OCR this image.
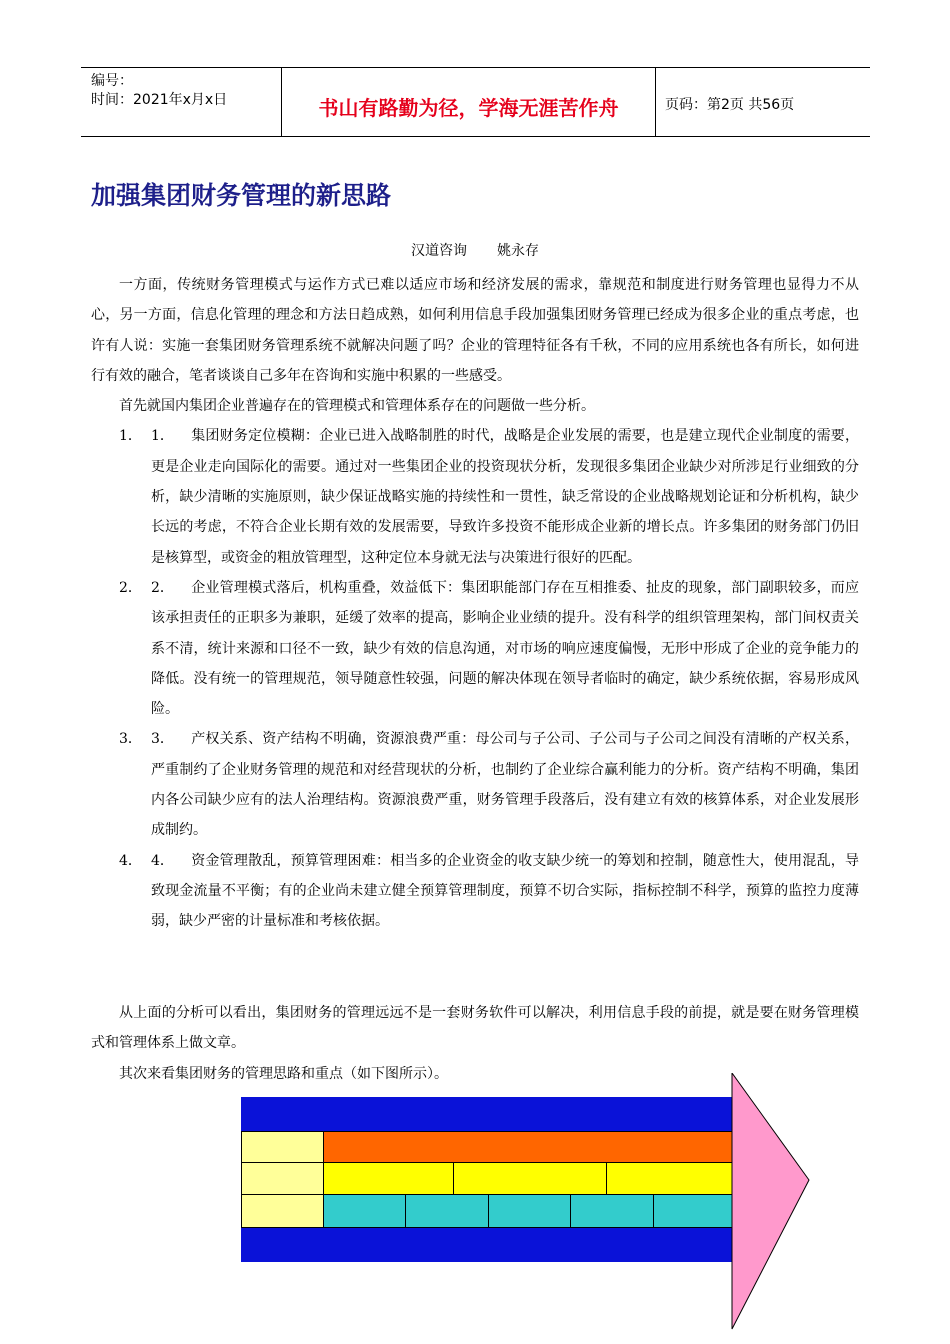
编号：
时间：2021年x月x日	书山有路勤为径，学海无涯苦作舟	页码：第2页 共56页
加强集团财务管理的新思路
汉道咨询 姚永存

一方面，传统财务管理模式与运作方式已难以适应市场和经济发展的需求，靠规范和制度进行财务管理也显得力不从心，另一方面，信息化管理的理念和方法日趋成熟，如何利用信息手段加强集团财务管理已经成为很多企业的重点考虑，也许有人说：实施一套集团财务管理系统不就解决问题了吗？企业的管理特征各有千秋，不同的应用系统也各有所长，如何进行有效的融合，笔者谈谈自己多年在咨询和实施中积累的一些感受。

首先就国内集团企业普遍存在的管理模式和管理体系存在的问题做一些分析。

1． 1． 集团财务定位模糊：企业已进入战略制胜的时代，战略是企业发展的需要，也是建立现代企业制度的需要，更是企业走向国际化的需要。通过对一些集团企业的投资现状分析，发现很多集团企业缺少对所涉足行业细致的分析，缺少清晰的实施原则，缺少保证战略实施的持续性和一贯性，缺乏常设的企业战略规划论证和分析机构，缺少长远的考虑，不符合企业长期有效的发展需要，导致许多投资不能形成企业新的增长点。许多集团的财务部门仍旧是核算型，或资金的粗放管理型，这种定位本身就无法与决策进行很好的匹配。
2． 2． 企业管理模式落后，机构重叠，效益低下：集团职能部门存在互相推委、扯皮的现象，部门副职较多，而应该承担责任的正职多为兼职，延缓了效率的提高，影响企业业绩的提升。没有科学的组织管理架构，部门间权责关系不清，统计来源和口径不一致，缺少有效的信息沟通，对市场的响应速度偏慢，无形中形成了企业的竞争能力的降低。没有统一的管理规范，领导随意性较强，问题的解决体现在领导者临时的确定，缺少系统依据，容易形成风险。
3． 3． 产权关系、资产结构不明确，资源浪费严重：母公司与子公司、子公司与子公司之间没有清晰的产权关系，严重制约了企业财务管理的规范和对经营现状的分析，也制约了企业综合赢利能力的分析。资产结构不明确，集团内各公司缺少应有的法人治理结构。资源浪费严重，财务管理手段落后，没有建立有效的核算体系，对企业发展形成制约。
4． 4． 资金管理散乱，预算管理困难：相当多的企业资金的收支缺少统一的筹划和控制，随意性大，使用混乱，导致现金流量不平衡；有的企业尚未建立健全预算管理制度，预算不切合实际，指标控制不科学，预算的监控力度薄弱，缺少严密的计量标准和考核依据。

从上面的分析可以看出，集团财务的管理远远不是一套财务软件可以解决，利用信息手段的前提，就是要在财务管理模式和管理体系上做文章。

其次来看集团财务的管理思路和重点（如下图所示）。
